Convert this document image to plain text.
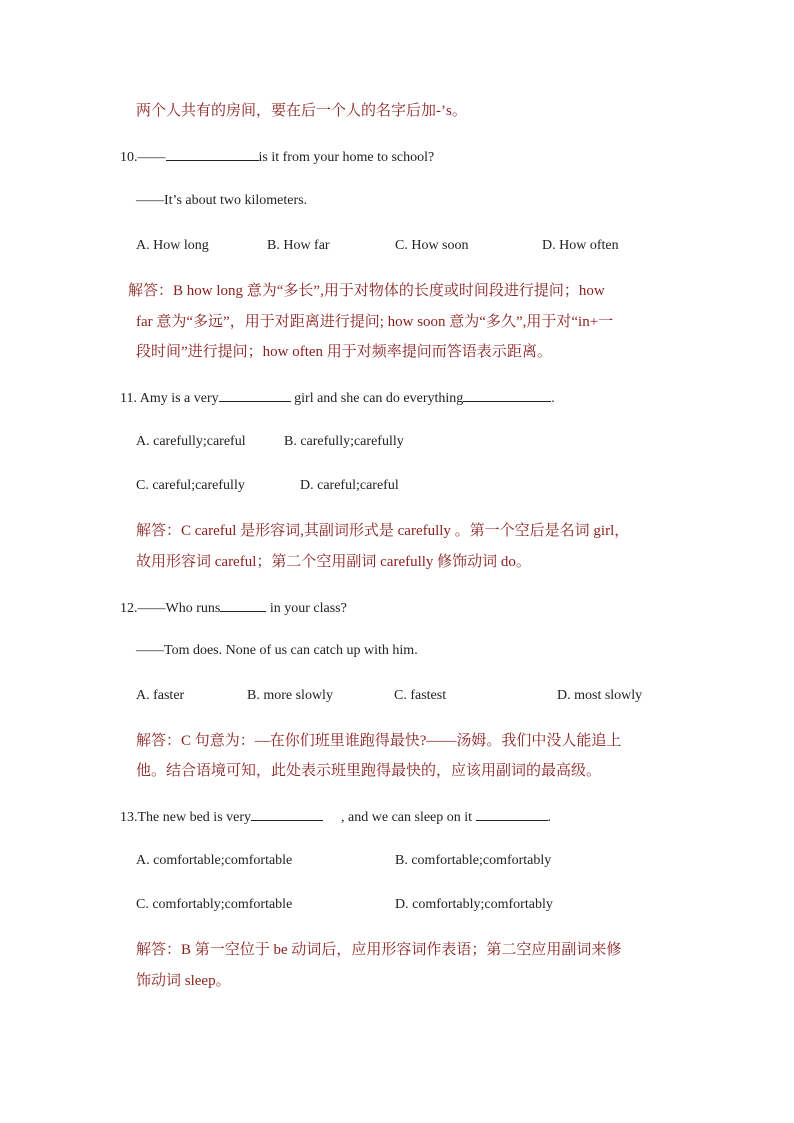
两个人共有的房间，要在后一个人的名字后加-’s。
10.——	is it from your home to school?
——It’s about two kilometers.
A. How long	B. How far	C. How soon	D. How often
解答：B how long 意为“多长”,用于对物体的长度或时间段进行提问；how
far 意为“多远”，用于对距离进行提问; how soon 意为“多久”,用于对“in+一
段时间”进行提问；how often 用于对频率提问而答语表示距离。
11. Amy is a very	girl and she can do everything	.
A. carefully;careful	B. carefully;carefully
C. careful;carefully	D. careful;careful
解答：C careful 是形容词,其副词形式是 carefully 。第一个空后是名词 girl，
故用形容词 careful；第二个空用副词 carefully 修饰动词 do。
12.——Who runs	in your class?
——Tom does. None of us can catch up with him.
A. faster	B. more slowly	C. fastest	D. most slowly
解答：C 句意为：—在你们班里谁跑得最快?——汤姆。我们中没人能追上
他。结合语境可知，此处表示班里跑得最快的，应该用副词的最高级。
13.The new bed is very	, and we can sleep on it	.
A. comfortable;comfortable	B. comfortable;comfortably
C. comfortably;comfortable	D. comfortably;comfortably
解答：B 第一空位于 be 动词后，应用形容词作表语；第二空应用副词来修
饰动词 sleep。
